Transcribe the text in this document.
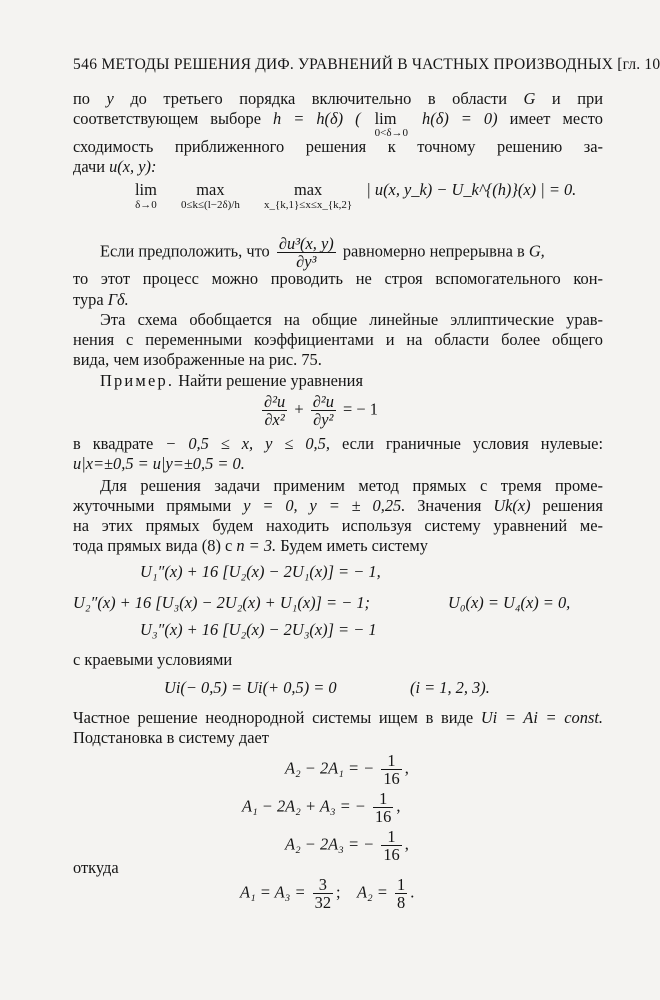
546 МЕТОДЫ РЕШЕНИЯ ДИФ. УРАВНЕНИЙ В ЧАСТНЫХ ПРОИЗВОДНЫХ [гл. 10
по y до третьего порядка включительно в области G и при
соответствующем выборе h = h(δ) ( lim
0<δ→0
h(δ) = 0) имеет место
сходимость приближенного решения к точному решению за-
дачи u(x, y):
lim
δ→0
max
0≤k≤(l−2δ)/h
max
x_{k,1}≤x≤x_{k,2}
| u(x, y_k) − U_k^{(h)}(x) | = 0.
Если предположить, что $\frac{\text{∂u³(x, y)}}{\text{∂y³}}$ равномерно непрерывна в G,
то этот процесс можно проводить не строя вспомогательного кон-
тура Γδ.
Эта схема обобщается на общие линейные эллиптические урав-
нения с переменными коэффициентами и на области более общего
вида, чем изображенные на рис. 75.
Пример. Найти решение уравнения
$\frac{\text{∂²u}}{\text{∂x²}} + \frac{\text{∂²u}}{\text{∂y²}}$ = − 1
в квадрате − 0,5 ≤ x, y ≤ 0,5, если граничные условия нулевые:
u|x=±0,5 = u|y=±0,5 = 0.
Для решения задачи применим метод прямых с тремя проме-
жуточными прямыми y = 0, y = ± 0,25. Значения Uk(x) решения
на этих прямых будем находить используя систему уравнений ме-
тода прямых вида (8) с n = 3. Будем иметь систему
U₁″(x) + 16 [U₂(x) − 2U₁(x)] = − 1,
U₂″(x) + 16 [U₃(x) − 2U₂(x) + U₁(x)] = − 1;	U₀(x) = U₄(x) = 0,
U₃″(x) + 16 [U₂(x) − 2U₃(x)] = − 1
с краевыми условиями
Ui(− 0,5) = Ui(+ 0,5) = 0	(i = 1, 2, 3).
Частное решение неоднородной системы ищем в виде Ui = Ai = const.
Подстановка в систему дает
A₂ − 2A₁ = − $\frac{1}{16}$ ,
A₁ − 2A₂ + A₃ = − $\frac{1}{16}$ ,
A₂ − 2A₃ = − $\frac{1}{16}$ ,
откуда
$A_1 = A_3 = \frac{3}{32}$ ; $A_2 = \frac{1}{8}$ .
